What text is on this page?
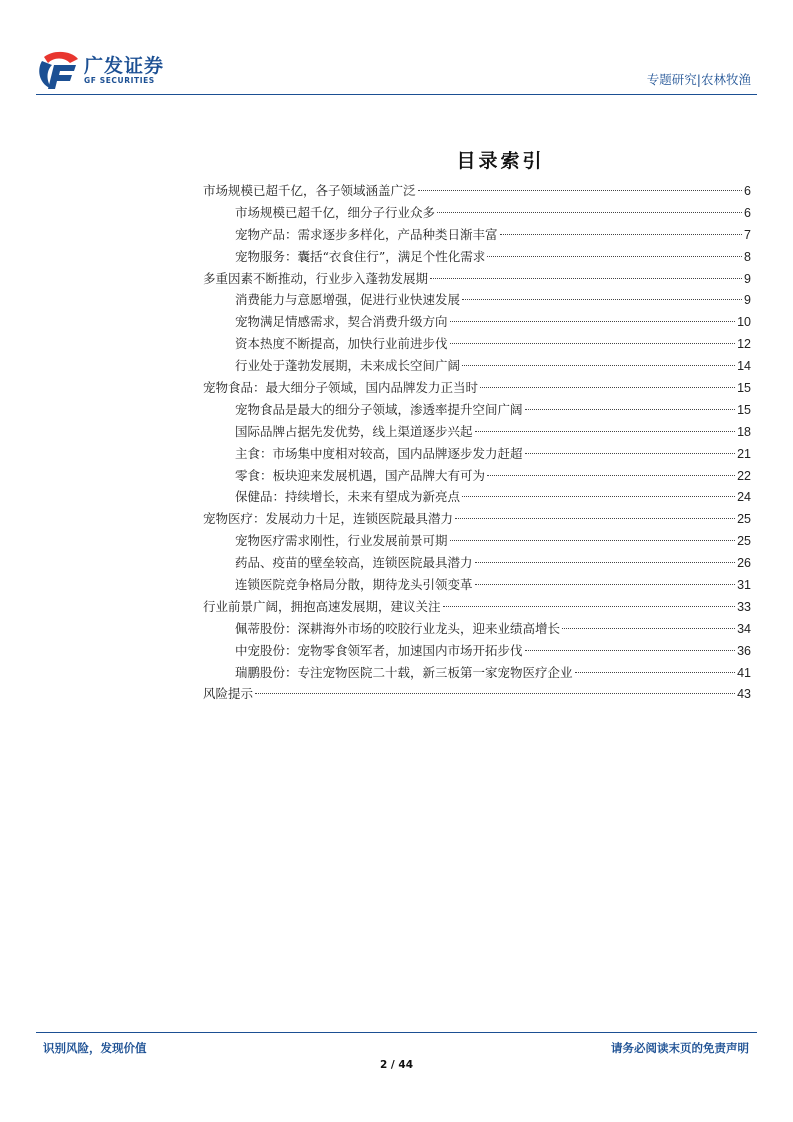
广发证券
GF SECURITIES	专题研究|农林牧渔
目录索引
市场规模已超千亿，各子领域涵盖广泛	6
市场规模已超千亿，细分子行业众多	6
宠物产品：需求逐步多样化，产品种类日渐丰富	7
宠物服务：囊括“衣食住行”，满足个性化需求	8
多重因素不断推动，行业步入蓬勃发展期	9
消费能力与意愿增强，促进行业快速发展	9
宠物满足情感需求，契合消费升级方向	10
资本热度不断提高，加快行业前进步伐	12
行业处于蓬勃发展期，未来成长空间广阔	14
宠物食品：最大细分子领域，国内品牌发力正当时	15
宠物食品是最大的细分子领域，渗透率提升空间广阔	15
国际品牌占据先发优势，线上渠道逐步兴起	18
主食：市场集中度相对较高，国内品牌逐步发力赶超	21
零食：板块迎来发展机遇，国产品牌大有可为	22
保健品：持续增长，未来有望成为新亮点	24
宠物医疗：发展动力十足，连锁医院最具潜力	25
宠物医疗需求刚性，行业发展前景可期	25
药品、疫苗的壁垒较高，连锁医院最具潜力	26
连锁医院竞争格局分散，期待龙头引领变革	31
行业前景广阔，拥抱高速发展期，建议关注	33
佩蒂股份：深耕海外市场的咬胶行业龙头，迎来业绩高增长	34
中宠股份：宠物零食领军者，加速国内市场开拓步伐	36
瑞鹏股份：专注宠物医院二十载，新三板第一家宠物医疗企业	41
风险提示	43
识别风险，发现价值	请务必阅读末页的免责声明
2 / 44
